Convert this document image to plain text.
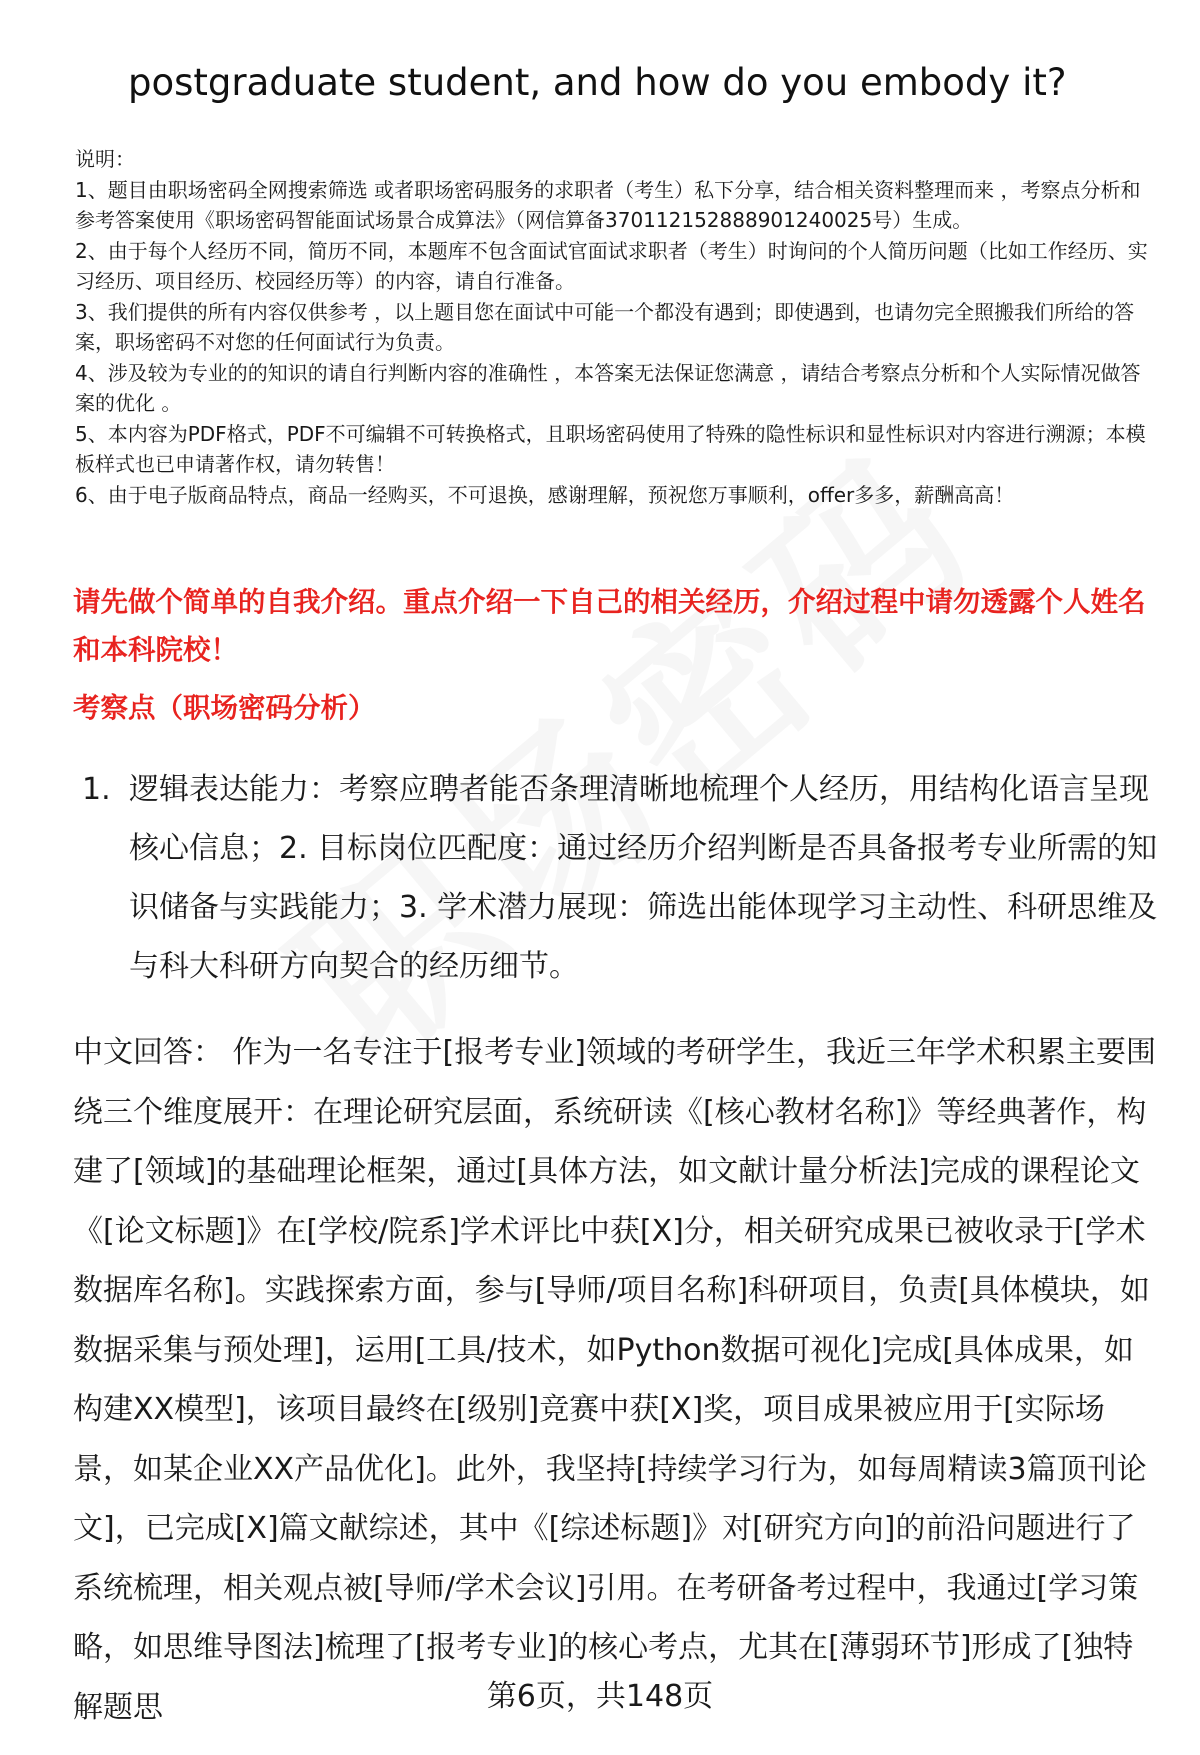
postgraduate student, and how do you embody it?
说明：
1、题目由职场密码全网搜索筛选 或者职场密码服务的求职者（考生）私下分享，结合相关资料整理而来 ，考察点分析和参考答案使用《职场密码智能面试场景合成算法》（网信算备370112152888901240025号）生成。
2、由于每个人经历不同，简历不同，本题库不包含面试官面试求职者（考生）时询问的个人简历问题（比如工作经历、实习经历、项目经历、校园经历等）的内容，请自行准备。
3、我们提供的所有内容仅供参考 ，以上题目您在面试中可能一个都没有遇到；即使遇到，也请勿完全照搬我们所给的答案，职场密码不对您的任何面试行为负责。
4、涉及较为专业的的知识的请自行判断内容的准确性 ，本答案无法保证您满意 ，请结合考察点分析和个人实际情况做答案的优化 。
5、本内容为PDF格式，PDF不可编辑不可转换格式，且职场密码使用了特殊的隐性标识和显性标识对内容进行溯源；本模板样式也已申请著作权，请勿转售！
6、由于电子版商品特点，商品一经购买，不可退换，感谢理解，预祝您万事顺利，offer多多，薪酬高高！
请先做个简单的自我介绍。重点介绍一下自己的相关经历，介绍过程中请勿透露个人姓名和本科院校！
考察点（职场密码分析）
1. 逻辑表达能力：考察应聘者能否条理清晰地梳理个人经历，用结构化语言呈现核心信息；2. 目标岗位匹配度：通过经历介绍判断是否具备报考专业所需的知识储备与实践能力；3. 学术潜力展现：筛选出能体现学习主动性、科研思维及与科大科研方向契合的经历细节。
中文回答： 作为一名专注于[报考专业]领域的考研学生，我近三年学术积累主要围绕三个维度展开：在理论研究层面，系统研读《[核心教材名称]》等经典著作，构建了[领域]的基础理论框架，通过[具体方法，如文献计量分析法]完成的课程论文《[论文标题]》在[学校/院系]学术评比中获[X]分，相关研究成果已被收录于[学术数据库名称]。实践探索方面，参与[导师/项目名称]科研项目，负责[具体模块，如数据采集与预处理]，运用[工具/技术，如Python数据可视化]完成[具体成果，如构建XX模型]，该项目最终在[级别]竞赛中获[X]奖，项目成果被应用于[实际场景，如某企业XX产品优化]。此外，我坚持[持续学习行为，如每周精读3篇顶刊论文]，已完成[X]篇文献综述，其中《[综述标题]》对[研究方向]的前沿问题进行了系统梳理，相关观点被[导师/学术会议]引用。在考研备考过程中，我通过[学习策略，如思维导图法]梳理了[报考专业]的核心考点，尤其在[薄弱环节]形成了[独特解题思	第6页，共148页
